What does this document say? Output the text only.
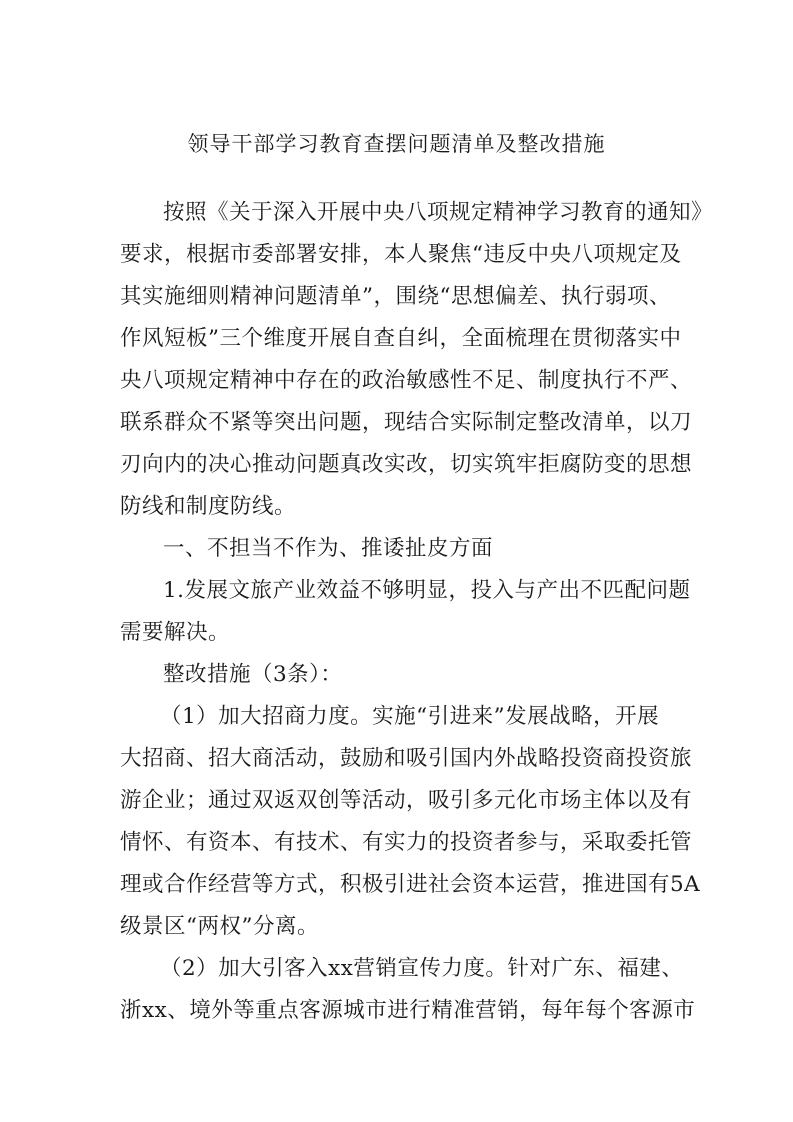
领导干部学习教育查摆问题清单及整改措施
按照《关于深入开展中央八项规定精神学习教育的通知》
要求，根据市委部署安排，本人聚焦“违反中央八项规定及
其实施细则精神问题清单”，围绕“思想偏差、执行弱项、
作风短板”三个维度开展自查自纠，全面梳理在贯彻落实中
央八项规定精神中存在的政治敏感性不足、制度执行不严、
联系群众不紧等突出问题，现结合实际制定整改清单，以刀
刃向内的决心推动问题真改实改，切实筑牢拒腐防变的思想
防线和制度防线。
一、不担当不作为、推诿扯皮方面
1.发展文旅产业效益不够明显，投入与产出不匹配问题
需要解决。
整改措施（3条）：
（1）加大招商力度。实施“引进来”发展战略，开展
大招商、招大商活动，鼓励和吸引国内外战略投资商投资旅
游企业；通过双返双创等活动，吸引多元化市场主体以及有
情怀、有资本、有技术、有实力的投资者参与，采取委托管
理或合作经营等方式，积极引进社会资本运营，推进国有5A
级景区“两权”分离。
（2）加大引客入xx营销宣传力度。针对广东、福建、
浙xx、境外等重点客源城市进行精准营销，每年每个客源市
